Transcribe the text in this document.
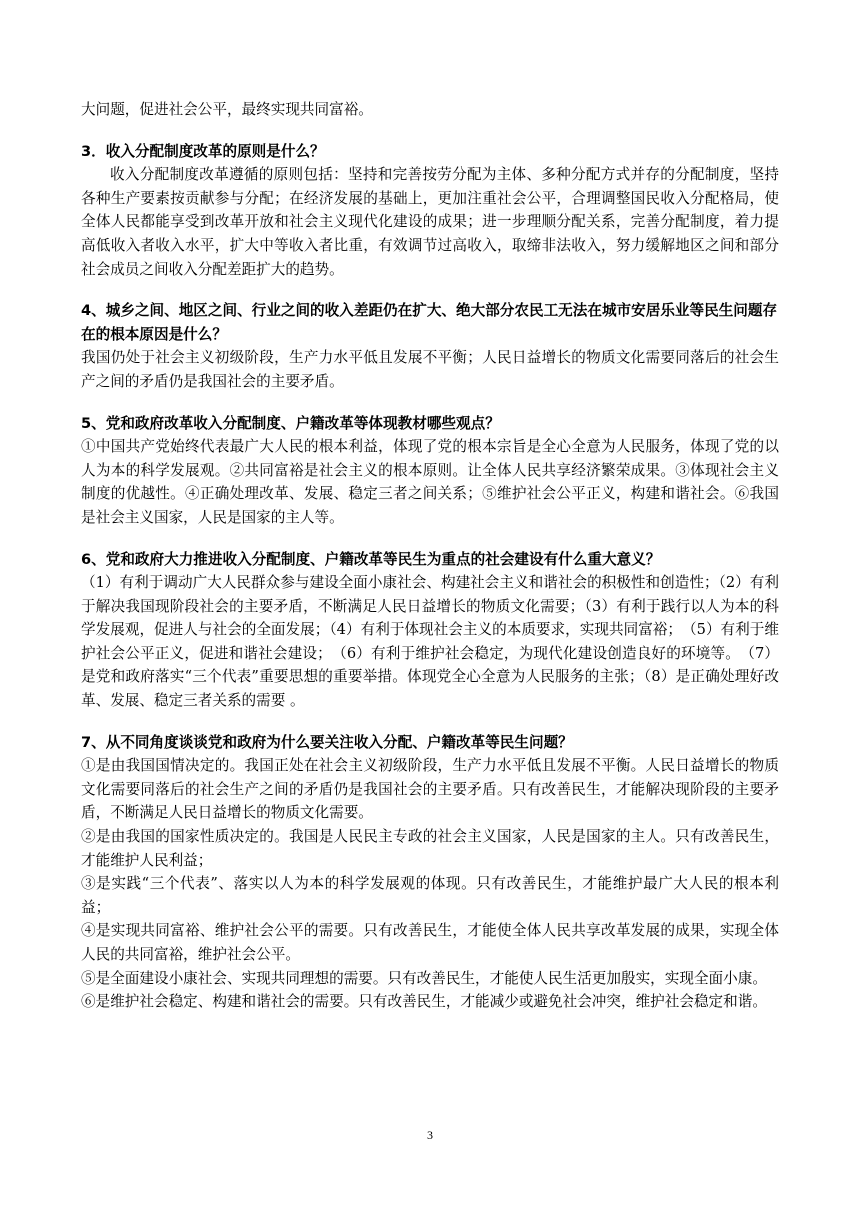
大问题，促进社会公平，最终实现共同富裕。

3．收入分配制度改革的原则是什么？

收入分配制度改革遵循的原则包括：坚持和完善按劳分配为主体、多种分配方式并存的分配制度，坚持各种生产要素按贡献参与分配；在经济发展的基础上，更加注重社会公平，合理调整国民收入分配格局，使全体人民都能享受到改革开放和社会主义现代化建设的成果；进一步理顺分配关系，完善分配制度，着力提高低收入者收入水平，扩大中等收入者比重，有效调节过高收入，取缔非法收入，努力缓解地区之间和部分社会成员之间收入分配差距扩大的趋势。

4、城乡之间、地区之间、行业之间的收入差距仍在扩大、绝大部分农民工无法在城市安居乐业等民生问题存在的根本原因是什么？

我国仍处于社会主义初级阶段，生产力水平低且发展不平衡；人民日益增长的物质文化需要同落后的社会生产之间的矛盾仍是我国社会的主要矛盾。

5、党和政府改革收入分配制度、户籍改革等体现教材哪些观点？

①中国共产党始终代表最广大人民的根本利益，体现了党的根本宗旨是全心全意为人民服务，体现了党的以人为本的科学发展观。②共同富裕是社会主义的根本原则。让全体人民共享经济繁荣成果。③体现社会主义制度的优越性。④正确处理改革、发展、稳定三者之间关系；⑤维护社会公平正义，构建和谐社会。⑥我国是社会主义国家，人民是国家的主人等。

6、党和政府大力推进收入分配制度、户籍改革等民生为重点的社会建设有什么重大意义？

（1）有利于调动广大人民群众参与建设全面小康社会、构建社会主义和谐社会的积极性和创造性；（2）有利于解决我国现阶段社会的主要矛盾，不断满足人民日益增长的物质文化需要；（3）有利于践行以人为本的科学发展观，促进人与社会的全面发展；（4）有利于体现社会主义的本质要求，实现共同富裕；　（5）有利于维护社会公平正义，促进和谐社会建设；　（6）有利于维护社会稳定，为现代化建设创造良好的环境等。　（7）是党和政府落实“三个代表”重要思想的重要举措。体现党全心全意为人民服务的主张；（8）是正确处理好改革、发展、稳定三者关系的需要 。

7、从不同角度谈谈党和政府为什么要关注收入分配、户籍改革等民生问题？

①是由我国国情决定的。我国正处在社会主义初级阶段，生产力水平低且发展不平衡。人民日益增长的物质文化需要同落后的社会生产之间的矛盾仍是我国社会的主要矛盾。只有改善民生，才能解决现阶段的主要矛盾，不断满足人民日益增长的物质文化需要。

②是由我国的国家性质决定的。我国是人民民主专政的社会主义国家，人民是国家的主人。只有改善民生，才能维护人民利益；

③是实践“三个代表”、落实以人为本的科学发展观的体现。只有改善民生，才能维护最广大人民的根本利益；

④是实现共同富裕、维护社会公平的需要。只有改善民生，才能使全体人民共享改革发展的成果，实现全体人民的共同富裕，维护社会公平。

⑤是全面建设小康社会、实现共同理想的需要。只有改善民生，才能使人民生活更加殷实，实现全面小康。

⑥是维护社会稳定、构建和谐社会的需要。只有改善民生，才能减少或避免社会冲突，维护社会稳定和谐。

3
